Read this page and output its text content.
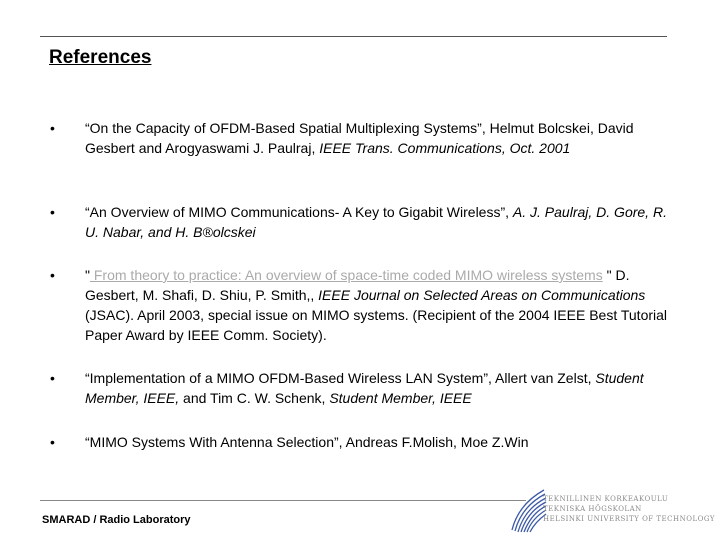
References
• “On the Capacity of OFDM-Based Spatial Multiplexing Systems”, Helmut Bolcskei, David Gesbert and Arogyaswami J. Paulraj, IEEE Trans. Communications, Oct. 2001
• “An Overview of MIMO Communications- A Key to Gigabit Wireless”, A. J. Paulraj, D. Gore, R. U. Nabar, and H. B®olcskei
• " From theory to practice: An overview of space-time coded MIMO wireless systems " D. Gesbert, M. Shafi, D. Shiu, P. Smith,, IEEE Journal on Selected Areas on Communications (JSAC). April 2003, special issue on MIMO systems. (Recipient of the 2004 IEEE Best Tutorial Paper Award by IEEE Comm. Society).
• “Implementation of a MIMO OFDM-Based Wireless LAN System”, Allert van Zelst, Student Member, IEEE, and Tim C. W. Schenk, Student Member, IEEE
• “MIMO Systems With Antenna Selection”, Andreas F.Molish, Moe Z.Win
SMARAD / Radio Laboratory
TEKNILLINEN KORKEAKOULU
TEKNISKA HÖGSKOLAN
HELSINKI UNIVERSITY OF TECHNOLOGY
